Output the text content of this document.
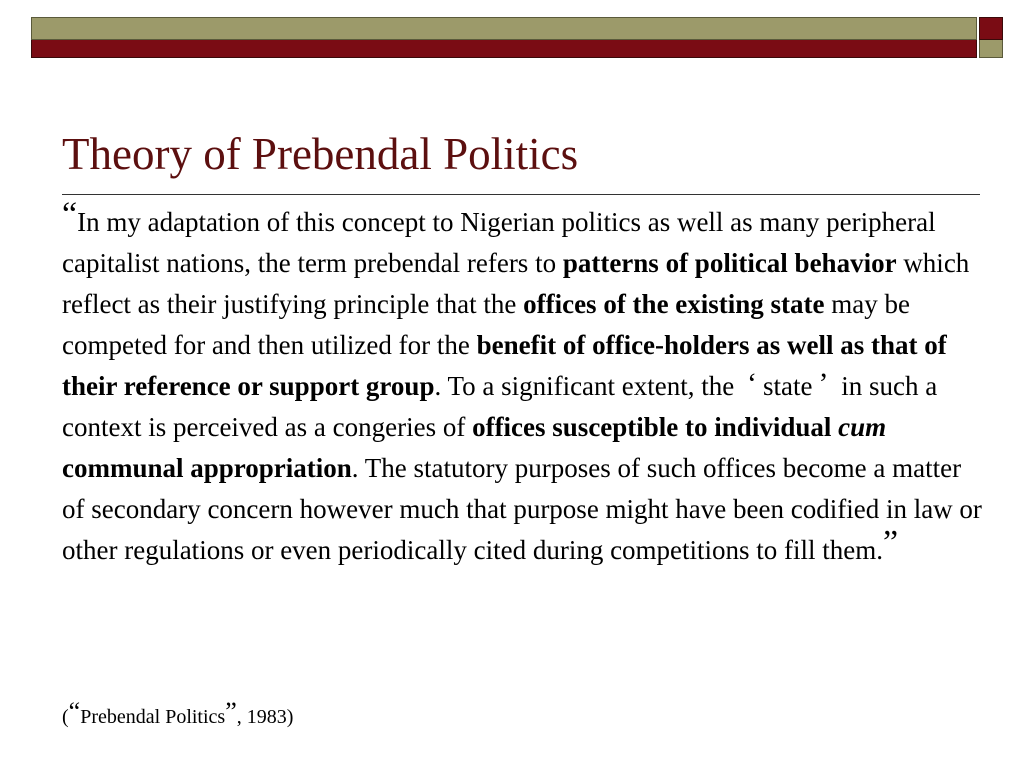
Theory of Prebendal Politics

“In my adaptation of this concept to Nigerian politics as well as many peripheral capitalist nations, the term prebendal refers to patterns of political behavior which reflect as their justifying principle that the offices of the existing state may be competed for and then utilized for the benefit of office-holders as well as that of their reference or support group. To a significant extent, the ‘ state ’ in such a context is perceived as a congeries of offices susceptible to individual cum communal appropriation. The statutory purposes of such offices become a matter of secondary concern however much that purpose might have been codified in law or other regulations or even periodically cited during competitions to fill them.”

(“Prebendal Politics”, 1983)
